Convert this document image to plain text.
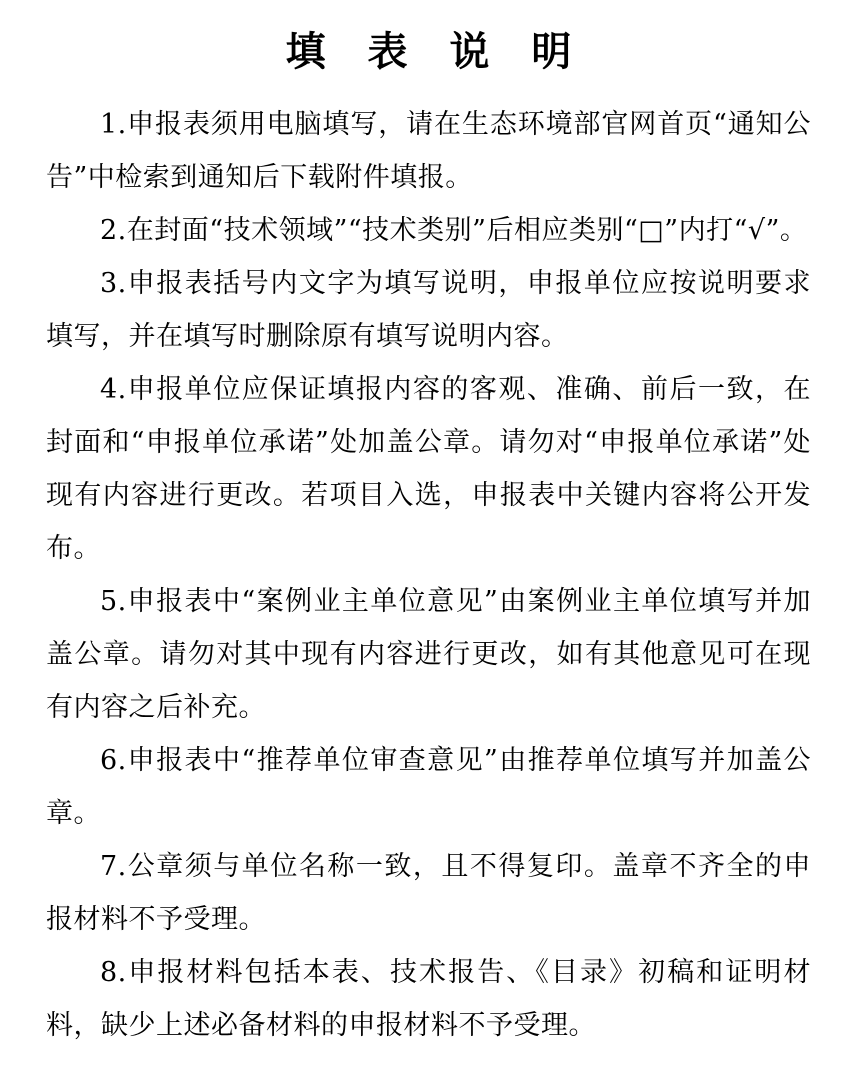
填 表 说 明

1.申报表须用电脑填写，请在生态环境部官网首页“通知公告”中检索到通知后下载附件填报。

2.在封面“技术领域”“技术类别”后相应类别“□”内打“√”。

3.申报表括号内文字为填写说明，申报单位应按说明要求填写，并在填写时删除原有填写说明内容。

4.申报单位应保证填报内容的客观、准确、前后一致，在封面和“申报单位承诺”处加盖公章。请勿对“申报单位承诺”处现有内容进行更改。若项目入选，申报表中关键内容将公开发布。

5.申报表中“案例业主单位意见”由案例业主单位填写并加盖公章。请勿对其中现有内容进行更改，如有其他意见可在现有内容之后补充。

6.申报表中“推荐单位审查意见”由推荐单位填写并加盖公章。

7.公章须与单位名称一致，且不得复印。盖章不齐全的申报材料不予受理。

8.申报材料包括本表、技术报告、《目录》初稿和证明材料，缺少上述必备材料的申报材料不予受理。
